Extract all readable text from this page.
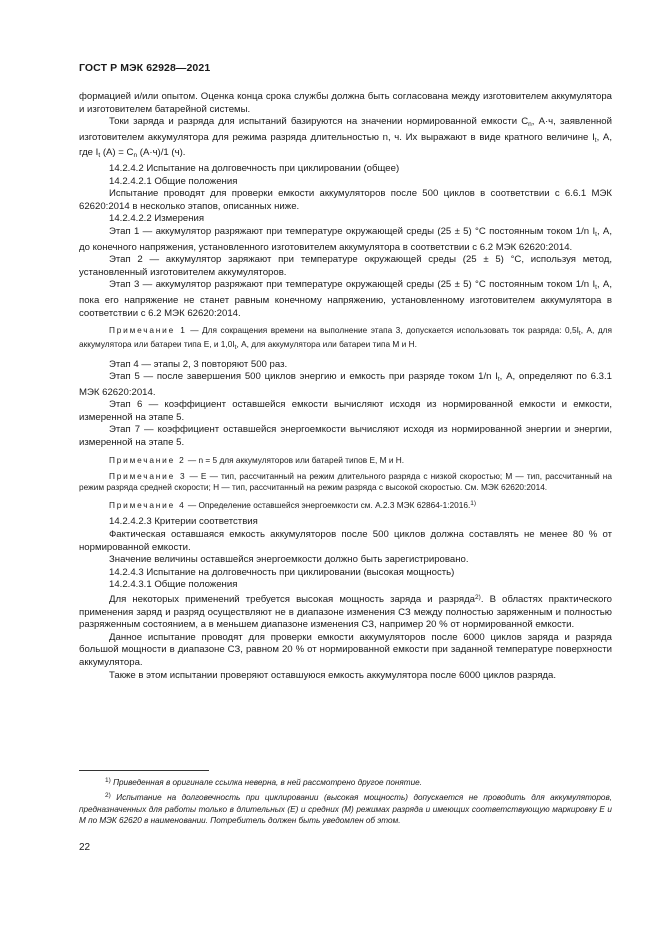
ГОСТ Р МЭК 62928—2021

формацией и/или опытом. Оценка конца срока службы должна быть согласована между изготовителем аккумулятора и изготовителем батарейной системы.

Токи заряда и разряда для испытаний базируются на значении нормированной емкости $C_n$, А·ч, заявленной изготовителем аккумулятора для режима разряда длительностью n, ч. Их выражают в виде кратного величине $I_t$, А, где $I_t$ $(А) = C_n$ (А·ч)/1 (ч).

14.2.4.2 Испытание на долговечность при циклировании (общее)

14.2.4.2.1 Общие положения

Испытание проводят для проверки емкости аккумуляторов после 500 циклов в соответствии с 6.6.1 МЭК 62620:2014 в несколько этапов, описанных ниже.

14.2.4.2.2 Измерения

Этап 1 — аккумулятор разряжают при температуре окружающей среды (25 ± 5) °С постоянным током 1/n $I_t$, А, до конечного напряжения, установленного изготовителем аккумулятора в соответствии с 6.2 МЭК 62620:2014.

Этап 2 — аккумулятор заряжают при температуре окружающей среды (25 ± 5) °С, используя метод, установленный изготовителем аккумуляторов.

Этап 3 — аккумулятор разряжают при температуре окружающей среды (25 ± 5) °С постоянным током 1/n $I_t$, А, пока его напряжение не станет равным конечному напряжению, установленному изготовителем аккумулятора в соответствии с 6.2 МЭК 62620:2014.

Примечание 1 — Для сокращения времени на выполнение этапа 3, допускается использовать ток разряда: $0,5I_t$, А, для аккумулятора или батареи типа Е, и $1,0I_t$, А, для аккумулятора или батареи типа М и Н.

Этап 4 — этапы 2, 3 повторяют 500 раз.

Этап 5 — после завершения 500 циклов энергию и емкость при разряде током 1/n $I_t$, А, определяют по 6.3.1 МЭК 62620:2014.

Этап 6 — коэффициент оставшейся емкости вычисляют исходя из нормированной емкости и емкости, измеренной на этапе 5.

Этап 7 — коэффициент оставшейся энергоемкости вычисляют исходя из нормированной энергии и энергии, измеренной на этапе 5.

Примечание 2 — n = 5 для аккумуляторов или батарей типов Е, М и Н.

Примечание 3 — Е — тип, рассчитанный на режим длительного разряда с низкой скоростью; М — тип, рассчитанный на режим разряда средней скорости; Н — тип, рассчитанный на режим разряда с высокой скоростью. См. МЭК 62620:2014.

Примечание 4 — Определение оставшейся энергоемкости см. А.2.3 МЭК 62864-1:2016.$^{1)}$

14.2.4.2.3 Критерии соответствия

Фактическая оставшаяся емкость аккумуляторов после 500 циклов должна составлять не менее 80 % от нормированной емкости.

Значение величины оставшейся энергоемкости должно быть зарегистрировано.

14.2.4.3 Испытание на долговечность при циклировании (высокая мощность)

14.2.4.3.1 Общие положения

Для некоторых применений требуется высокая мощность заряда и разряда$^{2)}$. В областях практического применения заряд и разряд осуществляют не в диапазоне изменения СЗ между полностью заряженным и полностью разряженным состоянием, а в меньшем диапазоне изменения СЗ, например 20 % от нормированной емкости.

Данное испытание проводят для проверки емкости аккумуляторов после 6000 циклов заряда и разряда большой мощности в диапазоне СЗ, равном 20 % от нормированной емкости при заданной температуре поверхности аккумулятора.

Также в этом испытании проверяют оставшуюся емкость аккумулятора после 6000 циклов разряда.

$^{1)}$ Приведенная в оригинале ссылка неверна, в ней рассмотрено другое понятие.

$^{2)}$ Испытание на долговечность при циклировании (высокая мощность) допускается не проводить для аккумуляторов, предназначенных для работы только в длительных (Е) и средних (М) режимах разряда и имеющих соответствующую маркировку Е и М по МЭК 62620 в наименовании. Потребитель должен быть уведомлен об этом.

22
